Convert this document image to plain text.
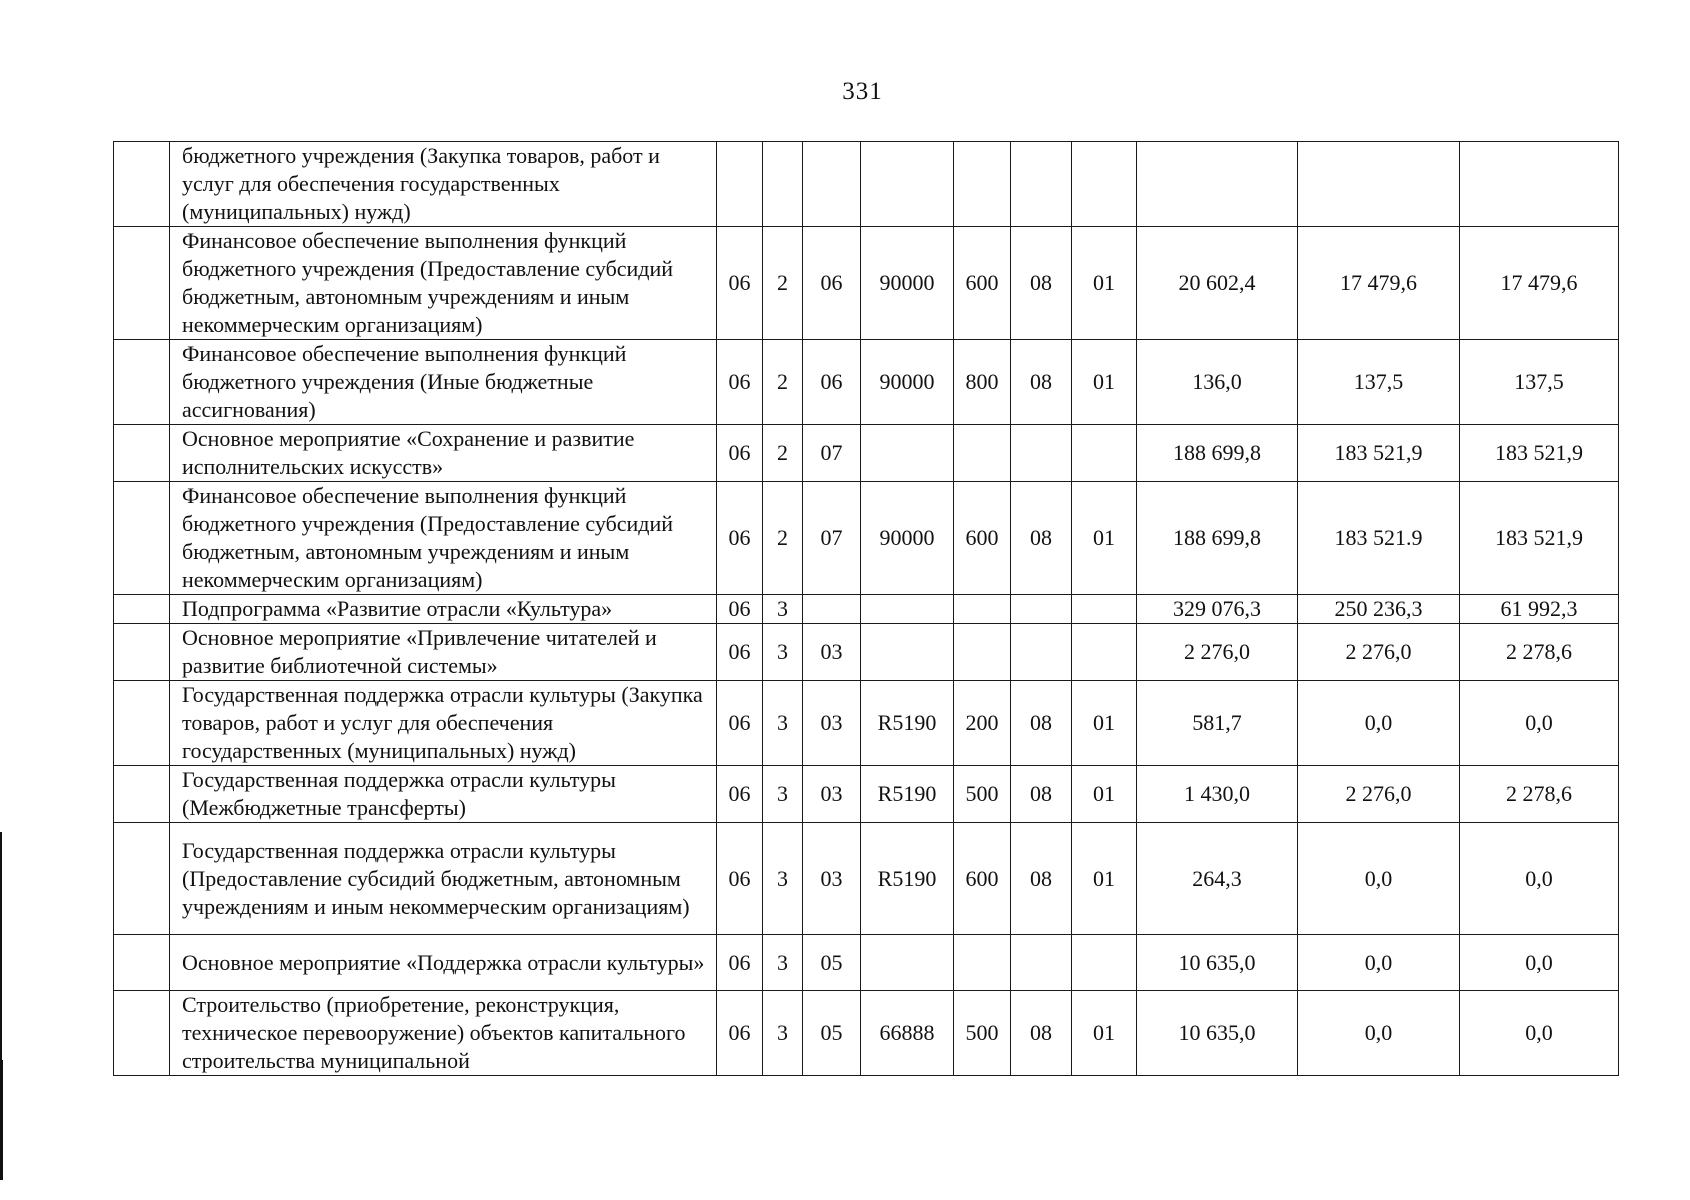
331
	бюджетного учреждения (Закупка товаров, работ и услуг для обеспечения государственных (муниципальных) нужд)										
	Финансовое обеспечение выполнения функций бюджетного учреждения (Предоставление субсидий бюджетным, автономным учреждениям и иным некоммерческим организациям)	06	2	06	90000	600	08	01	20 602,4	17 479,6	17 479,6
	Финансовое обеспечение выполнения функций бюджетного учреждения (Иные бюджетные ассигнования)	06	2	06	90000	800	08	01	136,0	137,5	137,5
	Основное мероприятие «Сохранение и развитие исполнительских искусств»	06	2	07					188 699,8	183 521,9	183 521,9
	Финансовое обеспечение выполнения функций бюджетного учреждения (Предоставление субсидий бюджетным, автономным учреждениям и иным некоммерческим организациям)	06	2	07	90000	600	08	01	188 699,8	183 521.9	183 521,9
	Подпрограмма «Развитие отрасли «Культура»	06	3						329 076,3	250 236,3	61 992,3
	Основное мероприятие «Привлечение читателей и развитие библиотечной системы»	06	3	03					2 276,0	2 276,0	2 278,6
	Государственная поддержка отрасли культуры (Закупка товаров, работ и услуг для обеспечения государственных (муниципальных) нужд)	06	3	03	R5190	200	08	01	581,7	0,0	0,0
	Государственная поддержка отрасли культуры (Межбюджетные трансферты)	06	3	03	R5190	500	08	01	1 430,0	2 276,0	2 278,6
	Государственная поддержка отрасли культуры (Предоставление субсидий бюджетным, автономным учреждениям и иным некоммерческим организациям)	06	3	03	R5190	600	08	01	264,3	0,0	0,0
	Основное мероприятие «Поддержка отрасли культуры»	06	3	05					10 635,0	0,0	0,0
	Строительство (приобретение, реконструкция, техническое перевооружение) объектов капитального строительства муниципальной	06	3	05	66888	500	08	01	10 635,0	0,0	0,0
